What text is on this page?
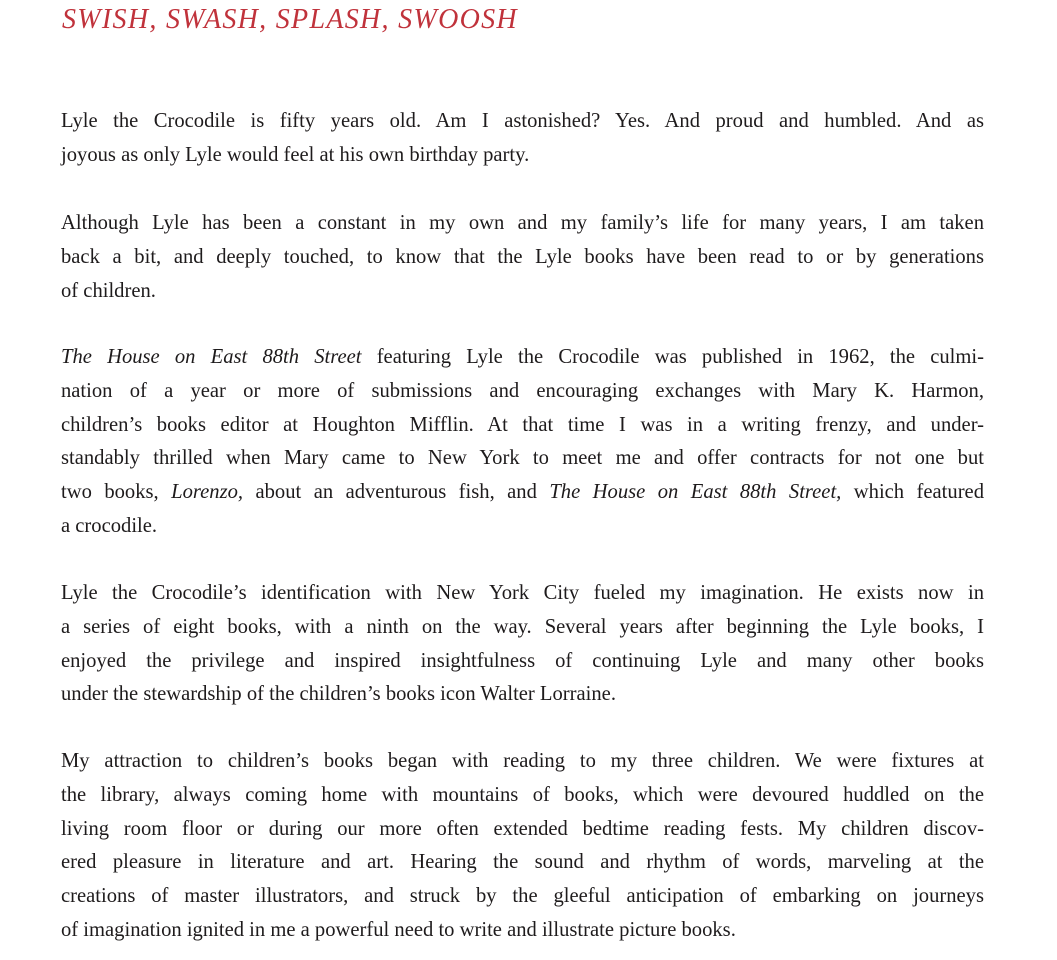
SWISH, SWASH, SPLASH, SWOOSH

Lyle the Crocodile is fifty years old. Am I astonished? Yes. And proud and humbled. And as
joyous as only Lyle would feel at his own birthday party.

Although Lyle has been a constant in my own and my family’s life for many years, I am taken
back a bit, and deeply touched, to know that the Lyle books have been read to or by generations
of children.

The House on East 88th Street featuring Lyle the Crocodile was published in 1962, the culmi-
nation of a year or more of submissions and encouraging exchanges with Mary K. Harmon,
children’s books editor at Houghton Mifflin. At that time I was in a writing frenzy, and under-
standably thrilled when Mary came to New York to meet me and offer contracts for not one but
two books, Lorenzo, about an adventurous fish, and The House on East 88th Street, which featured
a crocodile.

Lyle the Crocodile’s identification with New York City fueled my imagination. He exists now in
a series of eight books, with a ninth on the way. Several years after beginning the Lyle books, I
enjoyed the privilege and inspired insightfulness of continuing Lyle and many other books
under the stewardship of the children’s books icon Walter Lorraine.

My attraction to children’s books began with reading to my three children. We were fixtures at
the library, always coming home with mountains of books, which were devoured huddled on the
living room floor or during our more often extended bedtime reading fests. My children discov-
ered pleasure in literature and art. Hearing the sound and rhythm of words, marveling at the
creations of master illustrators, and struck by the gleeful anticipation of embarking on journeys
of imagination ignited in me a powerful need to write and illustrate picture books.
